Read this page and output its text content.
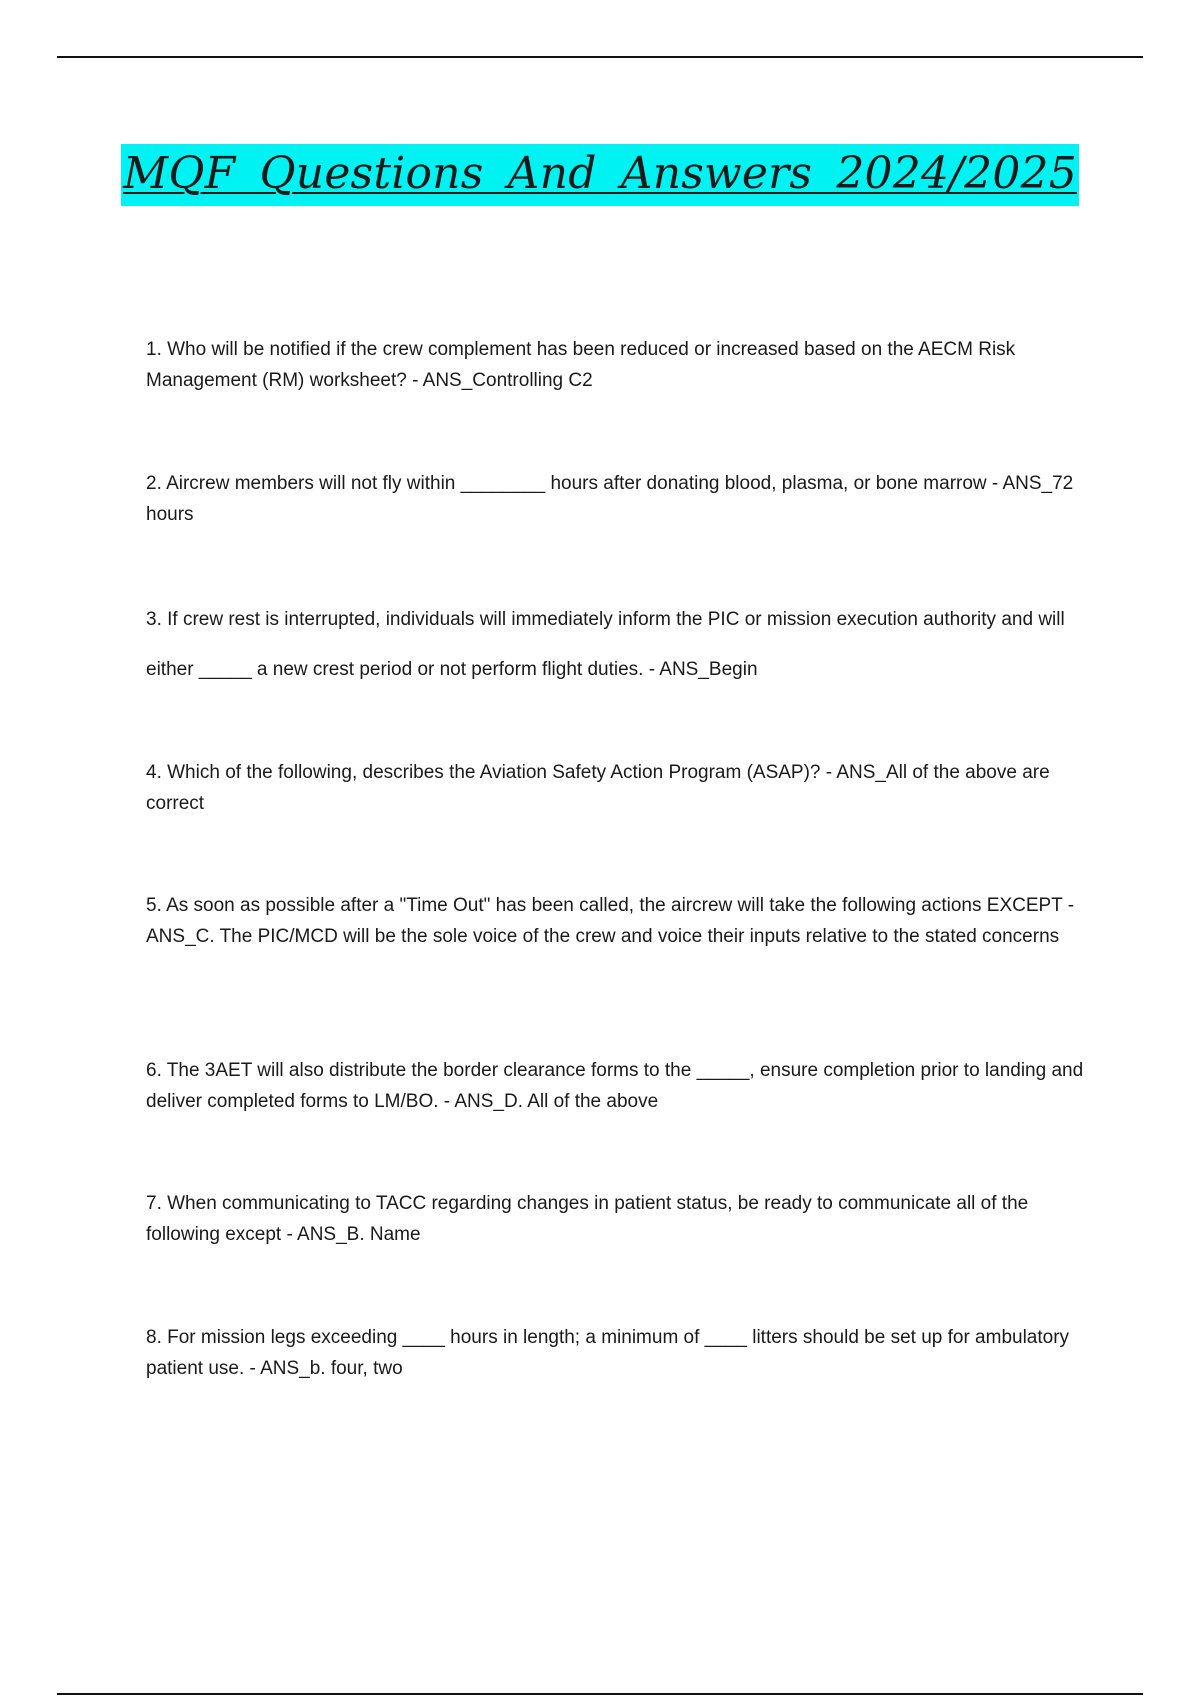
MQF Questions And Answers 2024/2025

1. Who will be notified if the crew complement has been reduced or increased based on the AECM Risk Management (RM) worksheet? - ANS_Controlling C2

2. Aircrew members will not fly within ________ hours after donating blood, plasma, or bone marrow - ANS_72 hours

3. If crew rest is interrupted, individuals will immediately inform the PIC or mission execution authority and will either _____ a new crest period or not perform flight duties. - ANS_Begin

4. Which of the following, describes the Aviation Safety Action Program (ASAP)? - ANS_All of the above are correct

5. As soon as possible after a "Time Out" has been called, the aircrew will take the following actions EXCEPT - ANS_C. The PIC/MCD will be the sole voice of the crew and voice their inputs relative to the stated concerns

6. The 3AET will also distribute the border clearance forms to the _____, ensure completion prior to landing and deliver completed forms to LM/BO. - ANS_D. All of the above

7. When communicating to TACC regarding changes in patient status, be ready to communicate all of the following except - ANS_B. Name

8. For mission legs exceeding ____ hours in length; a minimum of ____ litters should be set up for ambulatory patient use. - ANS_b. four, two
